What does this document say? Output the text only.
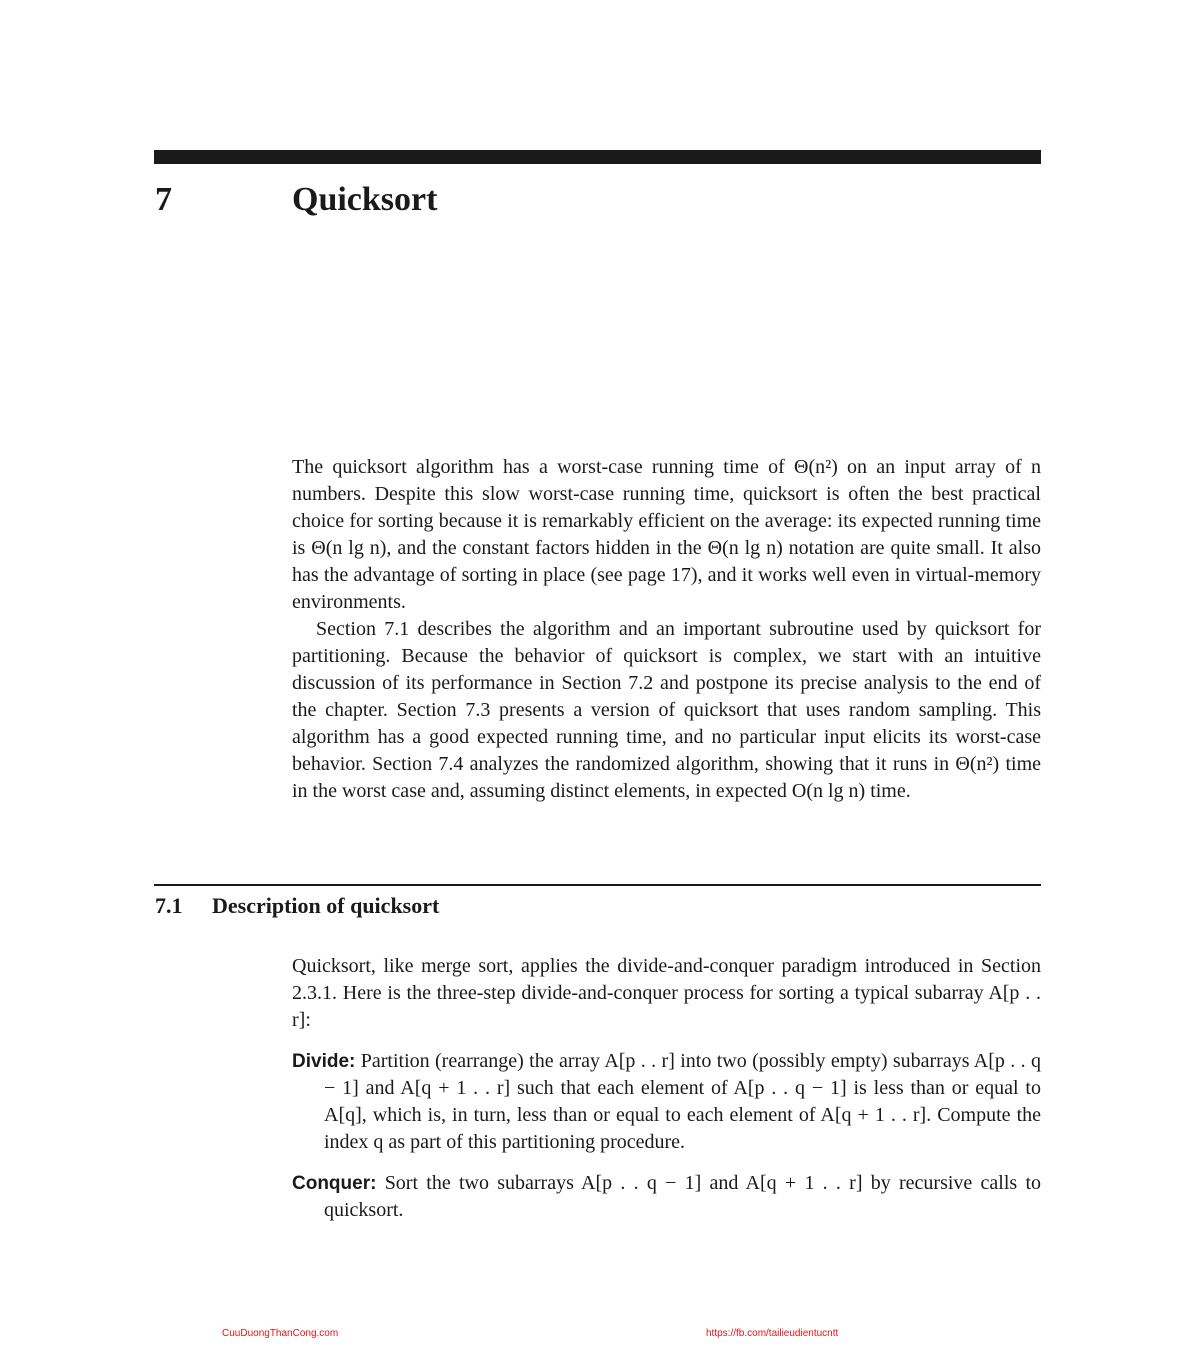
7	Quicksort

The quicksort algorithm has a worst-case running time of Θ(n²) on an input array of n numbers. Despite this slow worst-case running time, quicksort is often the best practical choice for sorting because it is remarkably efficient on the average: its expected running time is Θ(n lg n), and the constant factors hidden in the Θ(n lg n) notation are quite small. It also has the advantage of sorting in place (see page 17), and it works well even in virtual-memory environments.

Section 7.1 describes the algorithm and an important subroutine used by quicksort for partitioning. Because the behavior of quicksort is complex, we start with an intuitive discussion of its performance in Section 7.2 and postpone its precise analysis to the end of the chapter. Section 7.3 presents a version of quicksort that uses random sampling. This algorithm has a good expected running time, and no particular input elicits its worst-case behavior. Section 7.4 analyzes the randomized algorithm, showing that it runs in Θ(n²) time in the worst case and, assuming distinct elements, in expected O(n lg n) time.

7.1 Description of quicksort

Quicksort, like merge sort, applies the divide-and-conquer paradigm introduced in Section 2.3.1. Here is the three-step divide-and-conquer process for sorting a typical subarray A[p . . r]:

Divide: Partition (rearrange) the array A[p . . r] into two (possibly empty) subarrays A[p . . q − 1] and A[q + 1 . . r] such that each element of A[p . . q − 1] is less than or equal to A[q], which is, in turn, less than or equal to each element of A[q + 1 . . r]. Compute the index q as part of this partitioning procedure.

Conquer: Sort the two subarrays A[p . . q − 1] and A[q + 1 . . r] by recursive calls to quicksort.

CuuDuongThanCong.com	https://fb.com/tailieudientucntt
